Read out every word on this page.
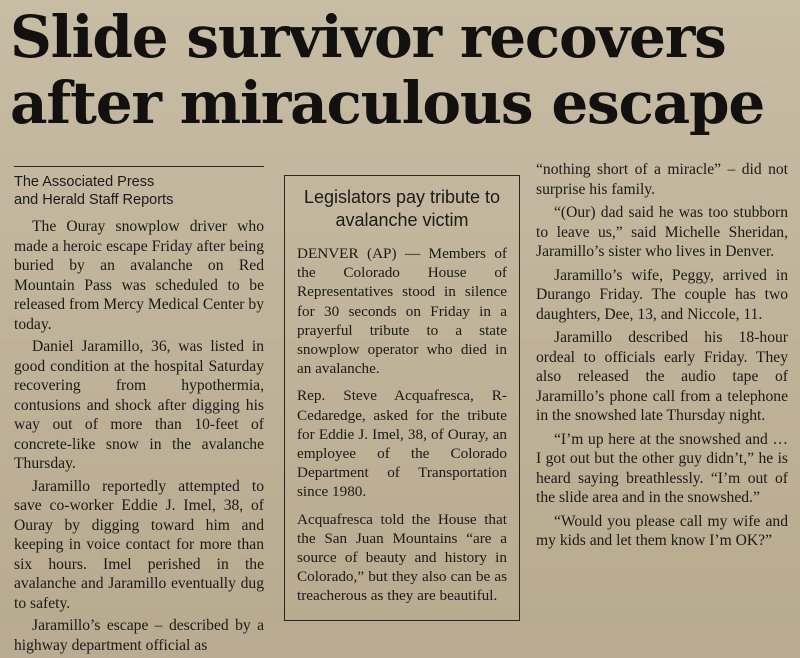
Slide survivor recovers
after miraculous escape
The Associated Press
and Herald Staff Reports

The Ouray snowplow driver who made a heroic escape Friday after being buried by an avalanche on Red Mountain Pass was scheduled to be released from Mercy Medical Center by today.

Daniel Jaramillo, 36, was listed in good condition at the hospital Saturday recovering from hypothermia, contusions and shock after digging his way out of more than 10-feet of concrete-like snow in the avalanche Thursday.

Jaramillo reportedly attempted to save co-worker Eddie J. Imel, 38, of Ouray by digging toward him and keeping in voice contact for more than six hours. Imel perished in the avalanche and Jaramillo eventually dug to safety.

Jaramillo’s escape – described by a highway department official as

Legislators pay tribute to avalanche victim

DENVER (AP) — Members of the Colorado House of Representatives stood in silence for 30 seconds on Friday in a prayerful tribute to a state snowplow operator who died in an avalanche.

Rep. Steve Acquafresca, R-Cedaredge, asked for the tribute for Eddie J. Imel, 38, of Ouray, an employee of the Colorado Department of Transportation since 1980.

Acquafresca told the House that the San Juan Mountains “are a source of beauty and history in Colorado,” but they also can be as treacherous as they are beautiful.

“nothing short of a miracle” – did not surprise his family.

“(Our) dad said he was too stubborn to leave us,” said Michelle Sheridan, Jaramillo’s sister who lives in Denver.

Jaramillo’s wife, Peggy, arrived in Durango Friday. The couple has two daughters, Dee, 13, and Niccole, 11.

Jaramillo described his 18-hour ordeal to officials early Friday. They also released the audio tape of Jaramillo’s phone call from a telephone in the snowshed late Thursday night.

“I’m up here at the snowshed and … I got out but the other guy didn’t,” he is heard saying breathlessly. “I’m out of the slide area and in the snowshed.”

“Would you please call my wife and my kids and let them know I’m OK?”
